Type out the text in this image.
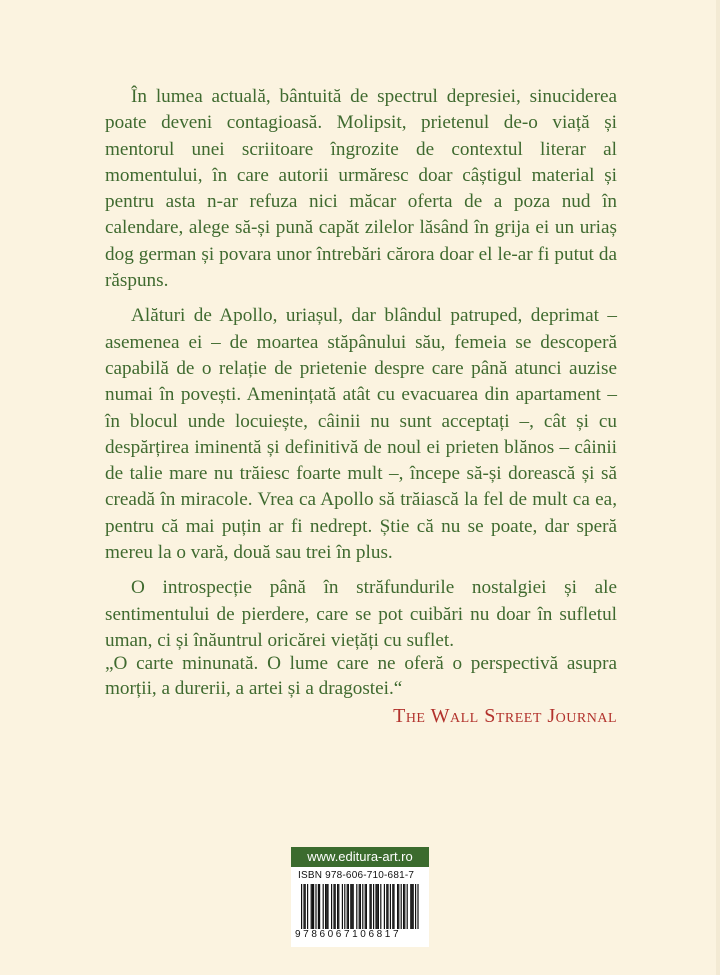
În lumea actuală, bântuită de spectrul depresiei, sinuciderea poate deveni contagioasă. Molipsit, prietenul de-o viață și mentorul unei scriitoare îngrozite de contextul literar al momentului, în care autorii urmăresc doar câștigul material și pentru asta n-ar refuza nici măcar oferta de a poza nud în calendare, alege să-și pună capăt zilelor lăsând în grija ei un uriaș dog german și povara unor întrebări cărora doar el le-ar fi putut da răspuns.

Alături de Apollo, uriașul, dar blândul patruped, deprimat – asemenea ei – de moartea stăpânului său, femeia se descoperă capabilă de o relație de prietenie despre care până atunci auzise numai în povești. Amenințată atât cu evacuarea din apartament – în blocul unde locuiește, câinii nu sunt acceptați –, cât și cu despărțirea iminentă și definitivă de noul ei prieten blănos – câinii de talie mare nu trăiesc foarte mult –, începe să-și dorească și să creadă în miracole. Vrea ca Apollo să trăiască la fel de mult ca ea, pentru că mai puțin ar fi nedrept. Știe că nu se poate, dar speră mereu la o vară, două sau trei în plus.

O introspecție până în străfundurile nostalgiei și ale sentimentului de pierdere, care se pot cuibări nu doar în sufletul uman, ci și înăuntrul oricărei viețăți cu suflet.

„O carte minunată. O lume care ne oferă o perspectivă asupra morții, a durerii, a artei și a dragostei.“

The Wall Street Journal

www.editura-art.ro
ISBN 978-606-710-681-7
9786067106817
